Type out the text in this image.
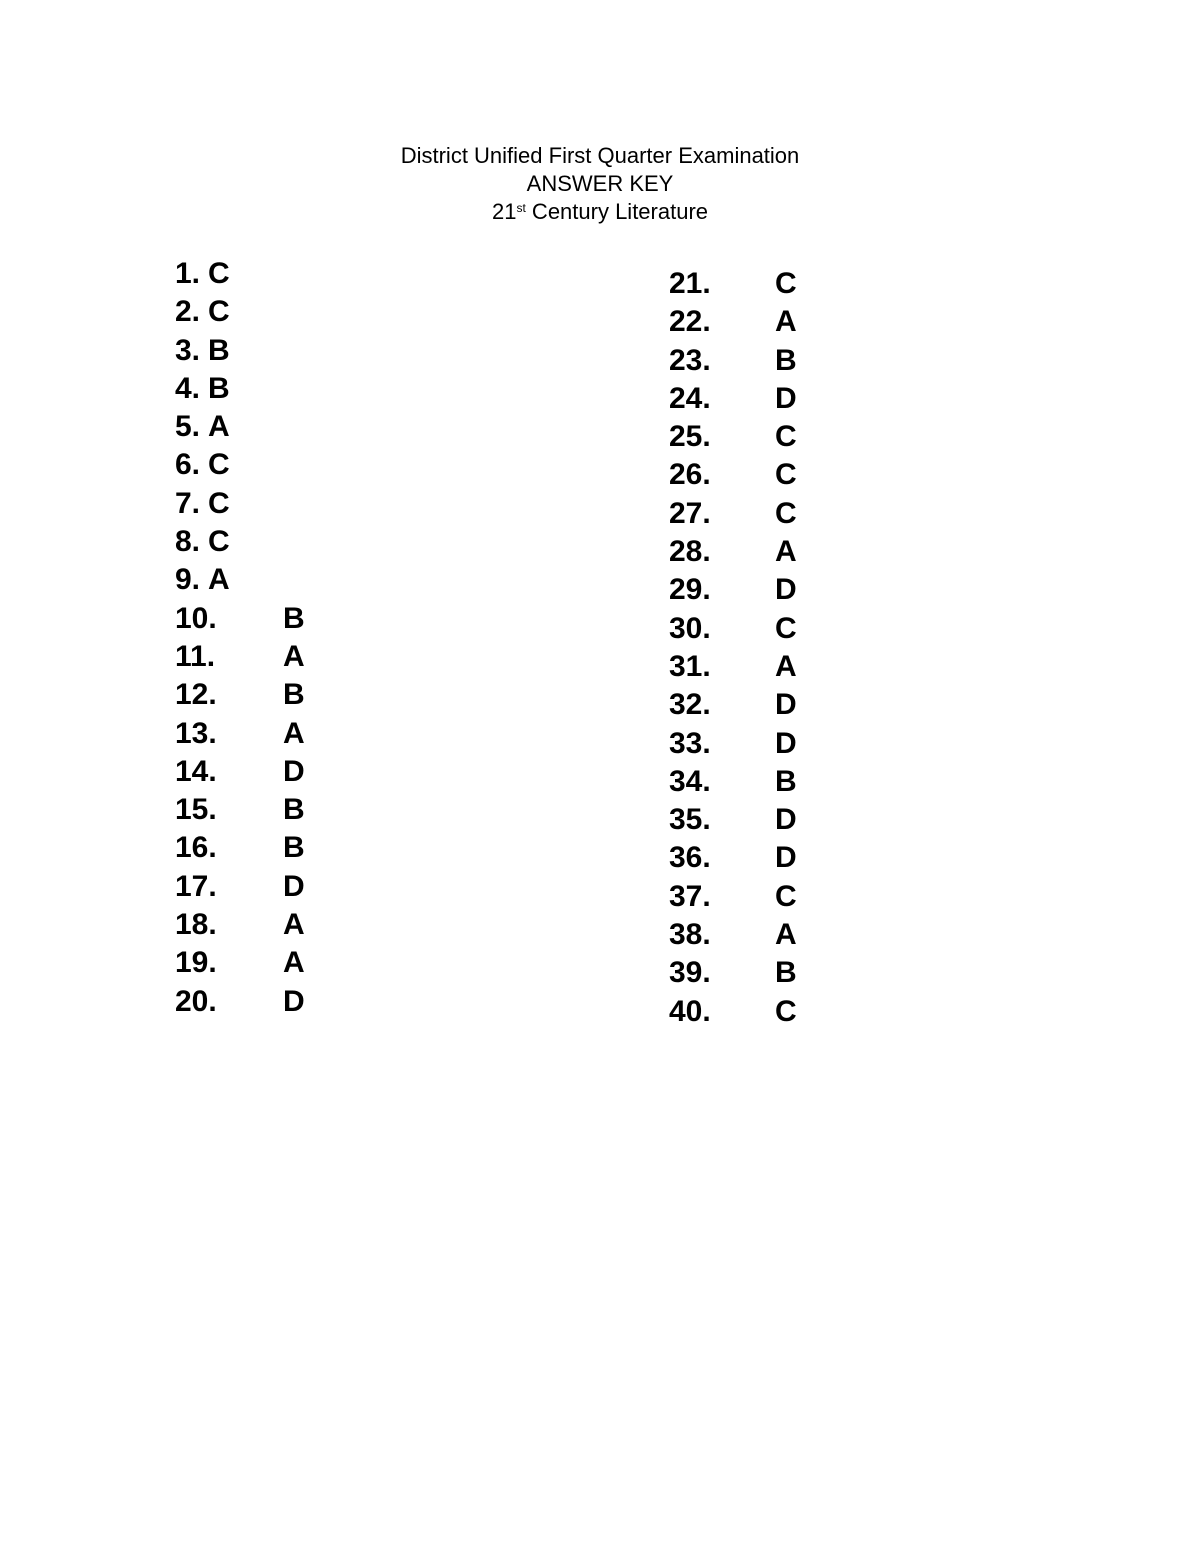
District Unified First Quarter Examination
ANSWER KEY
21st Century Literature
1. C
2. C
3. B
4. B
5. A
6. C
7. C
8. C
9. A
10.	B
11.	A
12.	B
13.	A
14.	D
15.	B
16.	B
17.	D
18.	A
19.	A
20.	D
21.	C
22.	A
23.	B
24.	D
25.	C
26.	C
27.	C
28.	A
29.	D
30.	C
31.	A
32.	D
33.	D
34.	B
35.	D
36.	D
37.	C
38.	A
39.	B
40.	C
